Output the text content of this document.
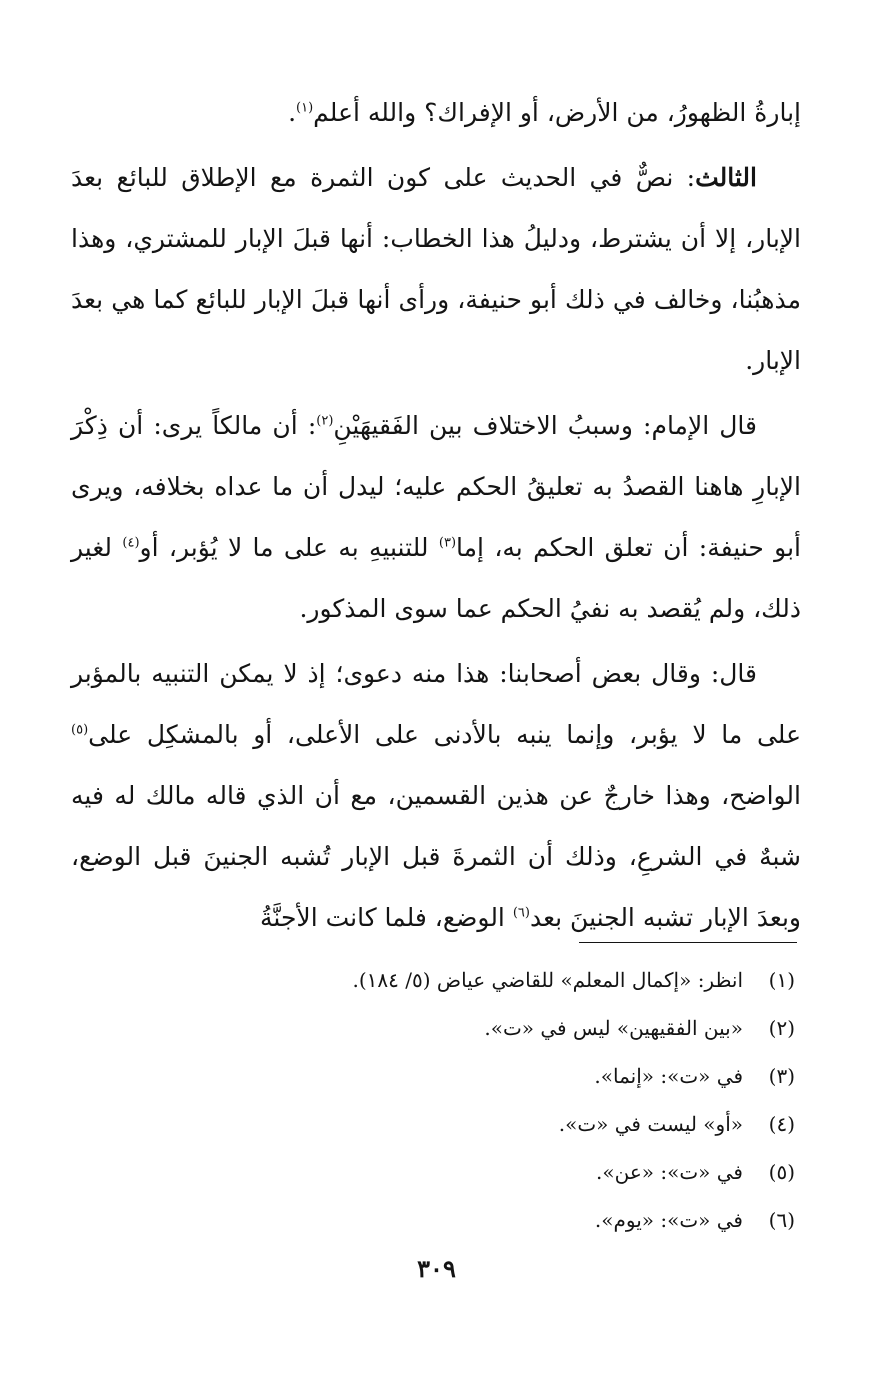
إبارةُ الظهورُ، من الأرض، أو الإفراك؟ والله أعلم$^{(١)}$.

الثالث: نصٌّ في الحديث على كون الثمرة مع الإطلاق للبائع بعدَ الإبار، إلا أن يشترط، ودليلُ هذا الخطاب: أنها قبلَ الإبار للمشتري، وهذا مذهبُنا، وخالف في ذلك أبو حنيفة، ورأى أنها قبلَ الإبار للبائع كما هي بعدَ الإبار.

قال الإمام: وسببُ الاختلاف بين الفَقيهَيْنِ$^{(٢)}$: أن مالكاً يرى: أن ذِكْرَ الإبارِ هاهنا القصدُ به تعليقُ الحكم عليه؛ ليدل أن ما عداه بخلافه، ويرى أبو حنيفة: أن تعلق الحكم به، إما$^{(٣)}$ للتنبيهِ به على ما لا يُؤبر، أو$^{(٤)}$ لغير ذلك، ولم يُقصد به نفيُ الحكم عما سوى المذكور.

قال: وقال بعض أصحابنا: هذا منه دعوى؛ إذ لا يمكن التنبيه بالمؤبر على ما لا يؤبر، وإنما ينبه بالأدنى على الأعلى، أو بالمشكِل على$^{(٥)}$ الواضح، وهذا خارجٌ عن هذين القسمين، مع أن الذي قاله مالك له فيه شبهٌ في الشرعِ، وذلك أن الثمرةَ قبل الإبار تُشبه الجنينَ قبل الوضع، وبعدَ الإبار تشبه الجنينَ بعد$^{(٦)}$ الوضع، فلما كانت الأجنَّةُ

(١)
انظر: «إكمال المعلم» للقاضي عياض (٥/ ١٨٤).
(٢)
«بين الفقيهين» ليس في «ت».
(٣)
في «ت»: «إنما».
(٤)
«أو» ليست في «ت».
(٥)
في «ت»: «عن».
(٦)
في «ت»: «يوم».
٣٠٩
